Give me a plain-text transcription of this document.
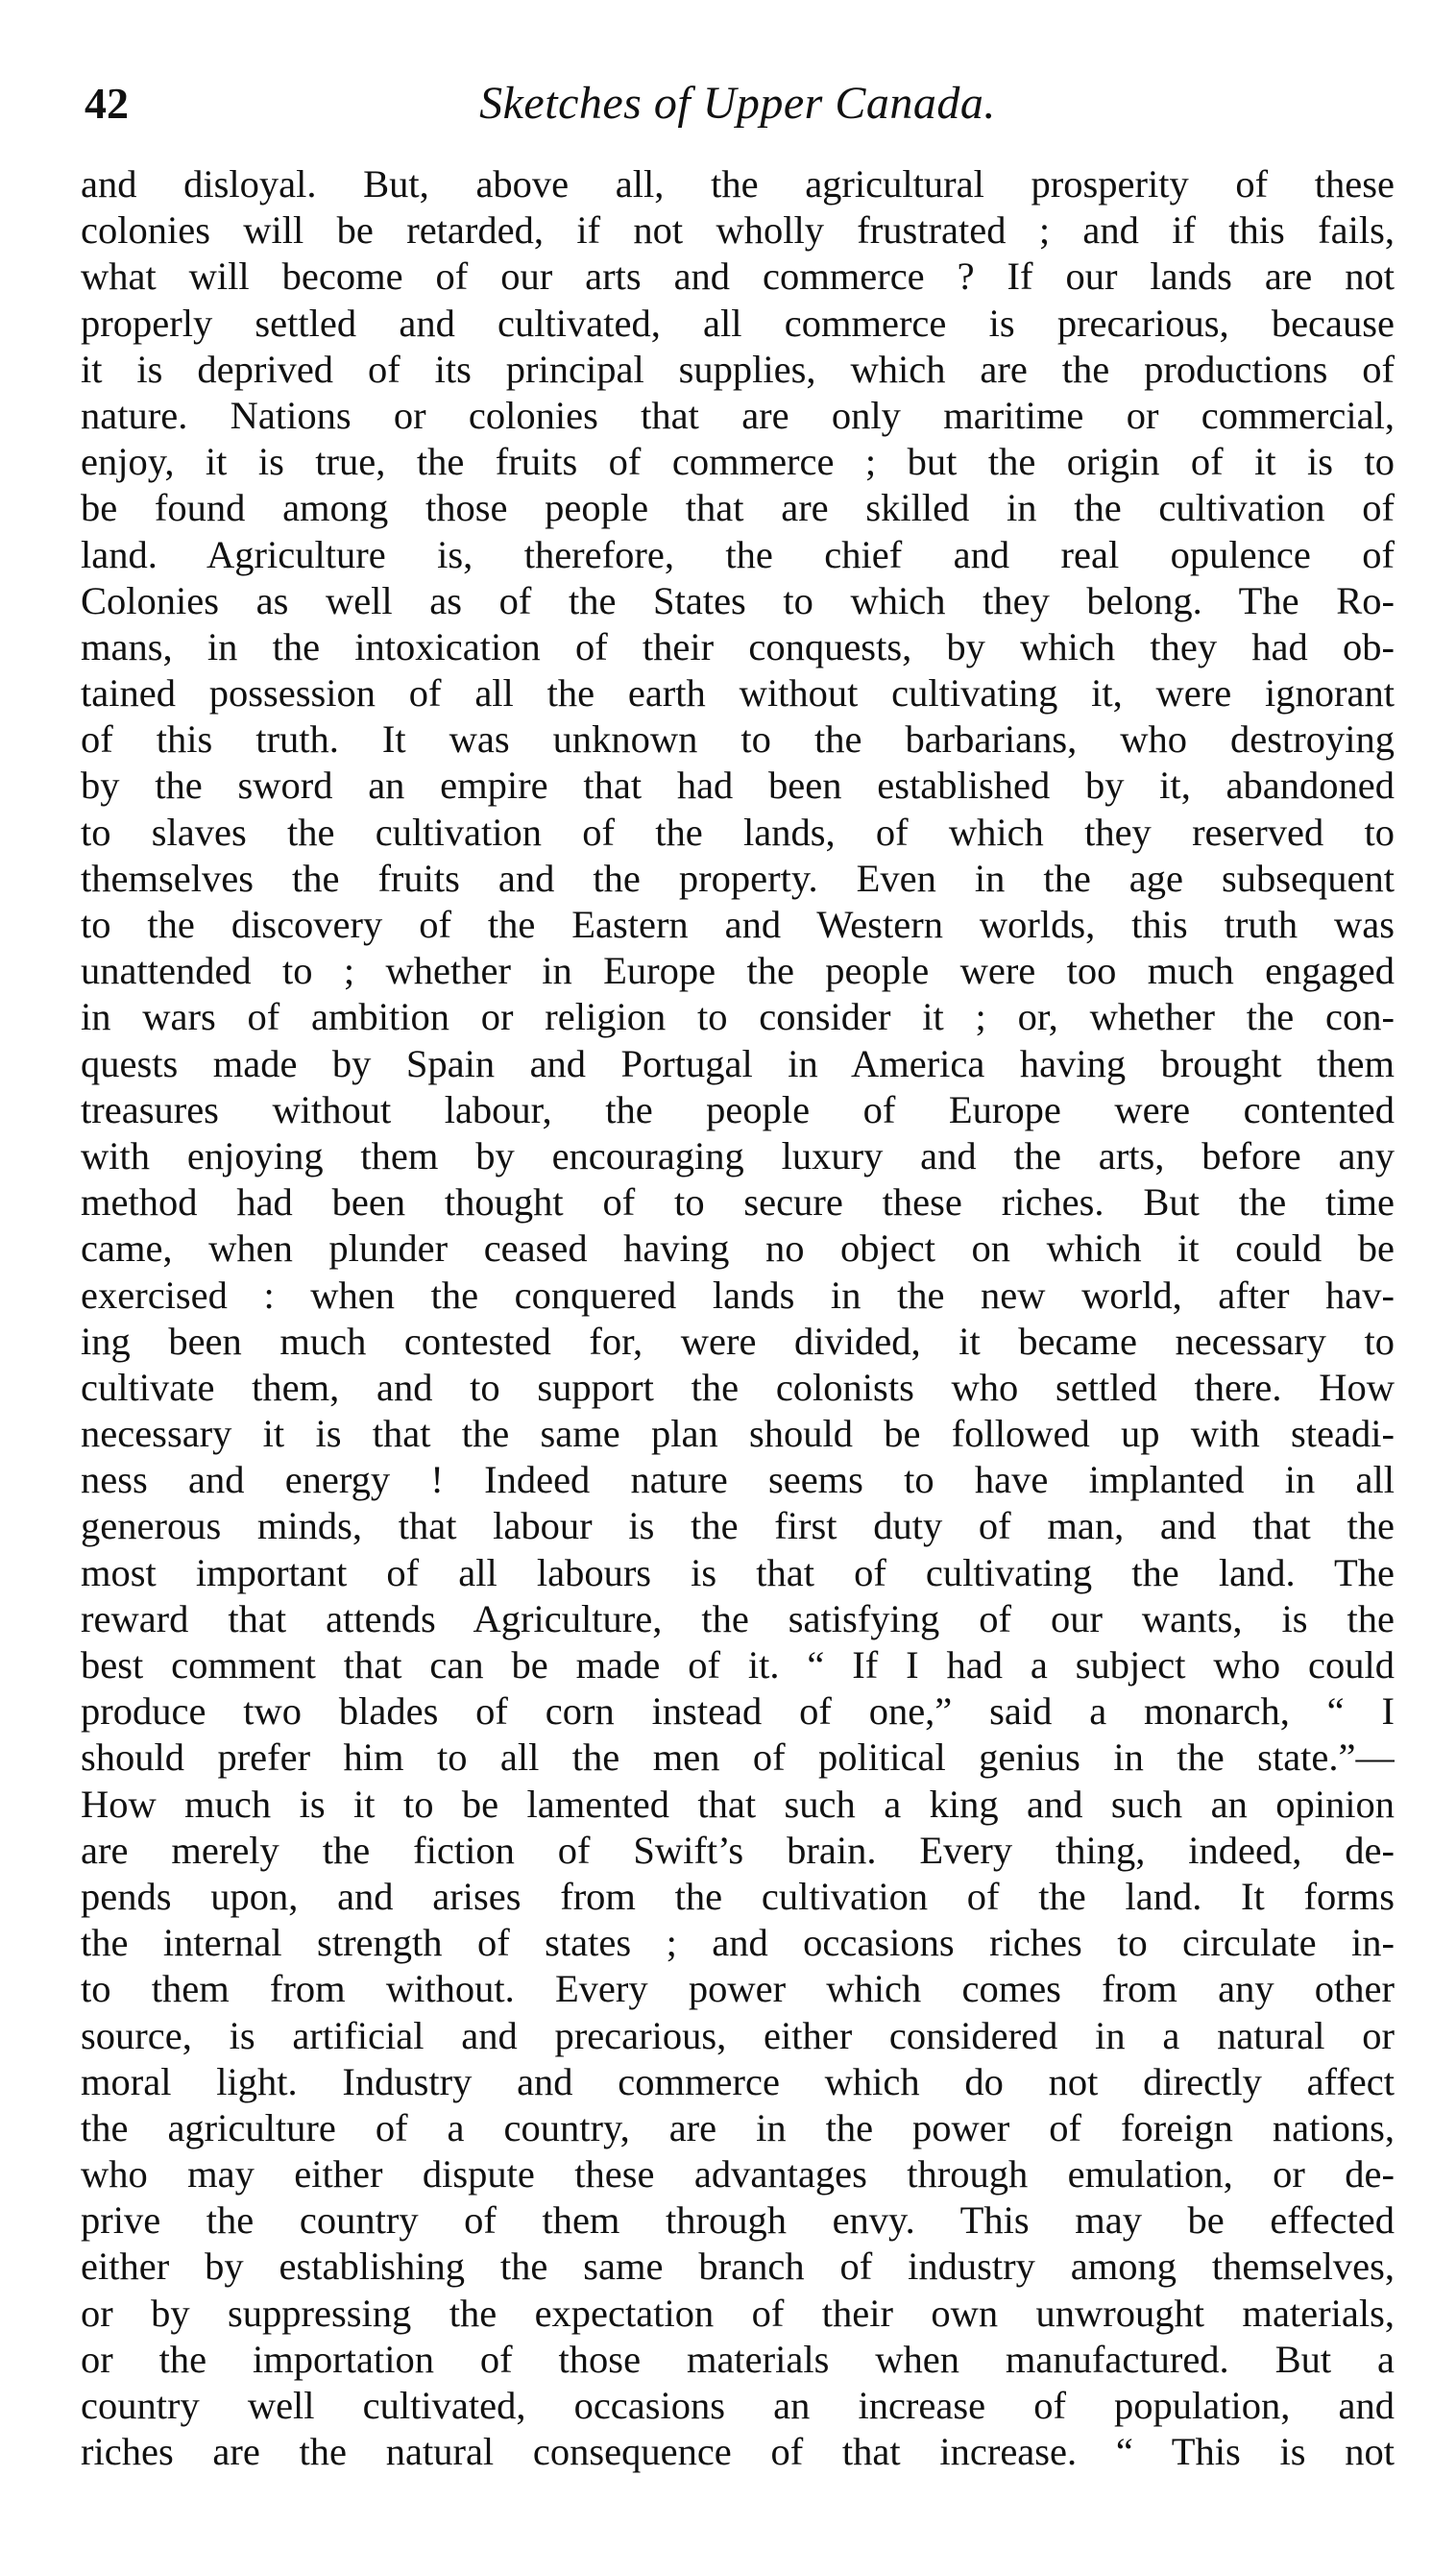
42	Sketches of Upper Canada.
and disloyal. But, above all, the agricultural prosperity of these
colonies will be retarded, if not wholly frustrated ; and if this fails,
what will become of our arts and commerce ? If our lands are not
properly settled and cultivated, all commerce is precarious, because
it is deprived of its principal supplies, which are the productions of
nature. Nations or colonies that are only maritime or commercial,
enjoy, it is true, the fruits of commerce ; but the origin of it is to
be found among those people that are skilled in the cultivation of
land. Agriculture is, therefore, the chief and real opulence of
Colonies as well as of the States to which they belong. The Ro-
mans, in the intoxication of their conquests, by which they had ob-
tained possession of all the earth without cultivating it, were ignorant
of this truth. It was unknown to the barbarians, who destroying
by the sword an empire that had been established by it, abandoned
to slaves the cultivation of the lands, of which they reserved to
themselves the fruits and the property. Even in the age subsequent
to the discovery of the Eastern and Western worlds, this truth was
unattended to ; whether in Europe the people were too much engaged
in wars of ambition or religion to consider it ; or, whether the con-
quests made by Spain and Portugal in America having brought them
treasures without labour, the people of Europe were contented
with enjoying them by encouraging luxury and the arts, before any
method had been thought of to secure these riches. But the time
came, when plunder ceased having no object on which it could be
exercised : when the conquered lands in the new world, after hav-
ing been much contested for, were divided, it became necessary to
cultivate them, and to support the colonists who settled there. How
necessary it is that the same plan should be followed up with steadi-
ness and energy ! Indeed nature seems to have implanted in all
generous minds, that labour is the first duty of man, and that the
most important of all labours is that of cultivating the land. The
reward that attends Agriculture, the satisfying of our wants, is the
best comment that can be made of it. “ If I had a subject who could
produce two blades of corn instead of one,” said a monarch, “ I
should prefer him to all the men of political genius in the state.”—
How much is it to be lamented that such a king and such an opinion
are merely the fiction of Swift’s brain. Every thing, indeed, de-
pends upon, and arises from the cultivation of the land. It forms
the internal strength of states ; and occasions riches to circulate in-
to them from without. Every power which comes from any other
source, is artificial and precarious, either considered in a natural or
moral light. Industry and commerce which do not directly affect
the agriculture of a country, are in the power of foreign nations,
who may either dispute these advantages through emulation, or de-
prive the country of them through envy. This may be effected
either by establishing the same branch of industry among themselves,
or by suppressing the expectation of their own unwrought materials,
or the importation of those materials when manufactured. But a
country well cultivated, occasions an increase of population, and
riches are the natural consequence of that increase. “ This is not
